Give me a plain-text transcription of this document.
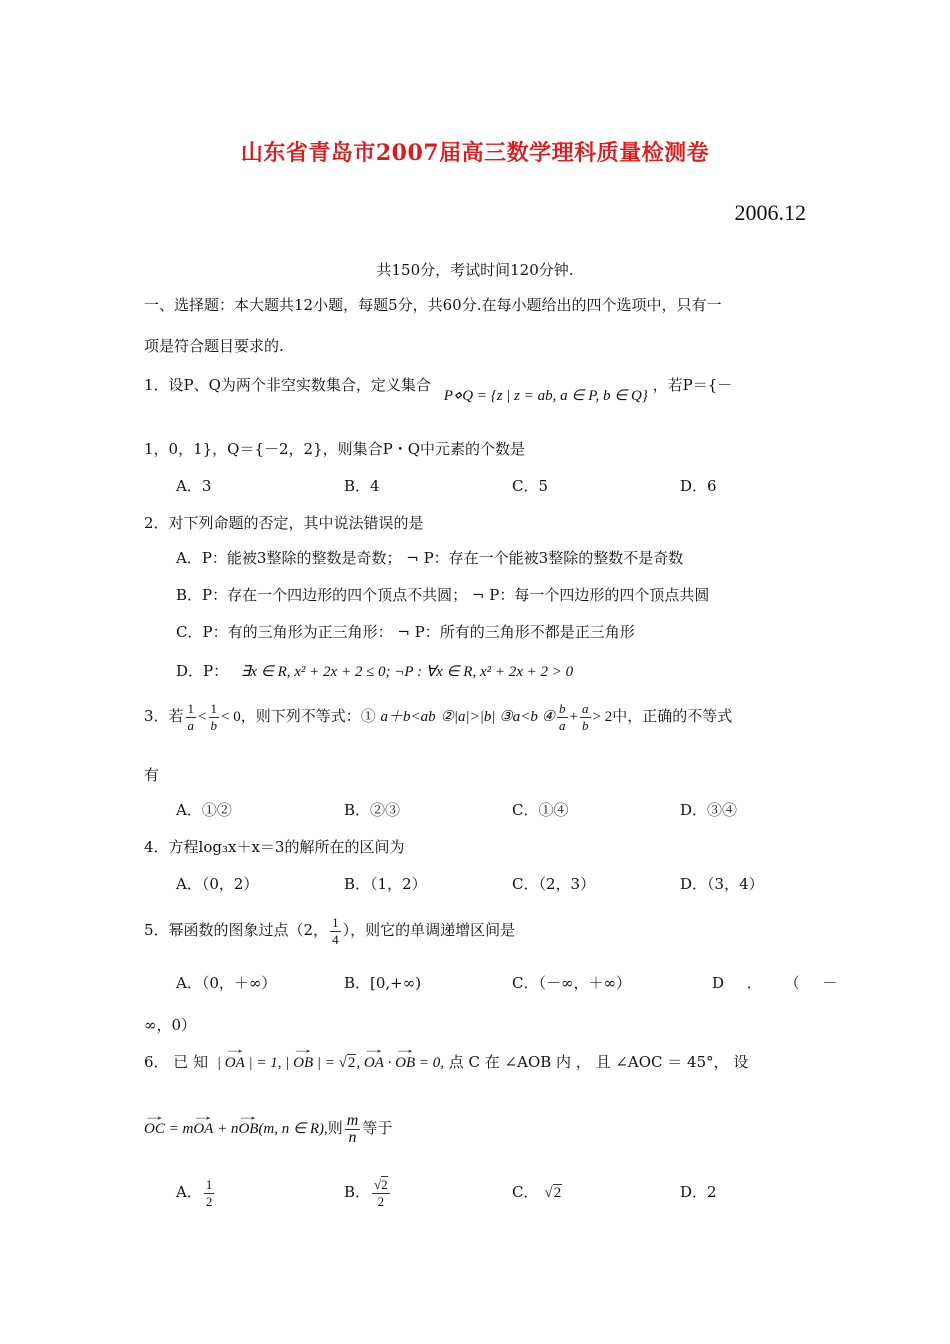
山东省青岛市2007届高三数学理科质量检测卷
2006.12
共150分，考试时间120分钟.
一、选择题：本大题共12小题，每题5分，共60分.在每小题给出的四个选项中，只有一
项是符合题目要求的.
1．设P、Q为两个非空实数集合，定义集合 P⋄Q = {z | z = ab, a ∈ P, b ∈ Q} ，若P＝{－
1，0，1}，Q＝{－2，2}，则集合P・Q中元素的个数是
A．3	B．4	C．5	D．6
2．对下列命题的否定，其中说法错误的是
A．P：能被3整除的整数是奇数； ¬ P：存在一个能被3整除的整数不是奇数
B．P：存在一个四边形的四个顶点不共圆； ¬ P：每一个四边形的四个顶点共圆
C．P：有的三角形为正三角形： ¬ P：所有的三角形不都是正三角形
D．P： ∃x ∈ R, x² + 2x + 2 ≤ 0; ¬P : ∀x ∈ R, x² + 2x + 2 > 0
3．若 $\frac{1}{a} < \frac{1}{b} < 0$，则下列不等式：① a＋b<ab ②|a|>|b| ③a<b ④ $\frac{b}{a} + \frac{a}{b} > 2$中，正确的不等式
有
A．①②	B．②③	C．①④	D．③④
4．方程log₃x＋x＝3的解所在的区间为
A．（0，2）	B．（1，2）	C．（2，3）	D．（3，4）
5．幂函数的图象过点（2， $\frac{1}{4}$ ），则它的单调递增区间是
A．（0，＋∞）	B．[0,+∞)	C．（－∞，＋∞）	D ． （ －
∞，0）
6． 已 知 | → OA | = 1, | → OB | = √2, → OA · → OB = 0, 点 C 在 ∠AOB 内 ， 且 ∠AOC ＝ 45°， 设
→ OC = m→ OA + n→ OB(m, n ∈ R),则 $\frac{m}{n}$ 等于
A． $\frac{1}{2}$	B． $\frac{√2}{2}$	C． √2	D．2
